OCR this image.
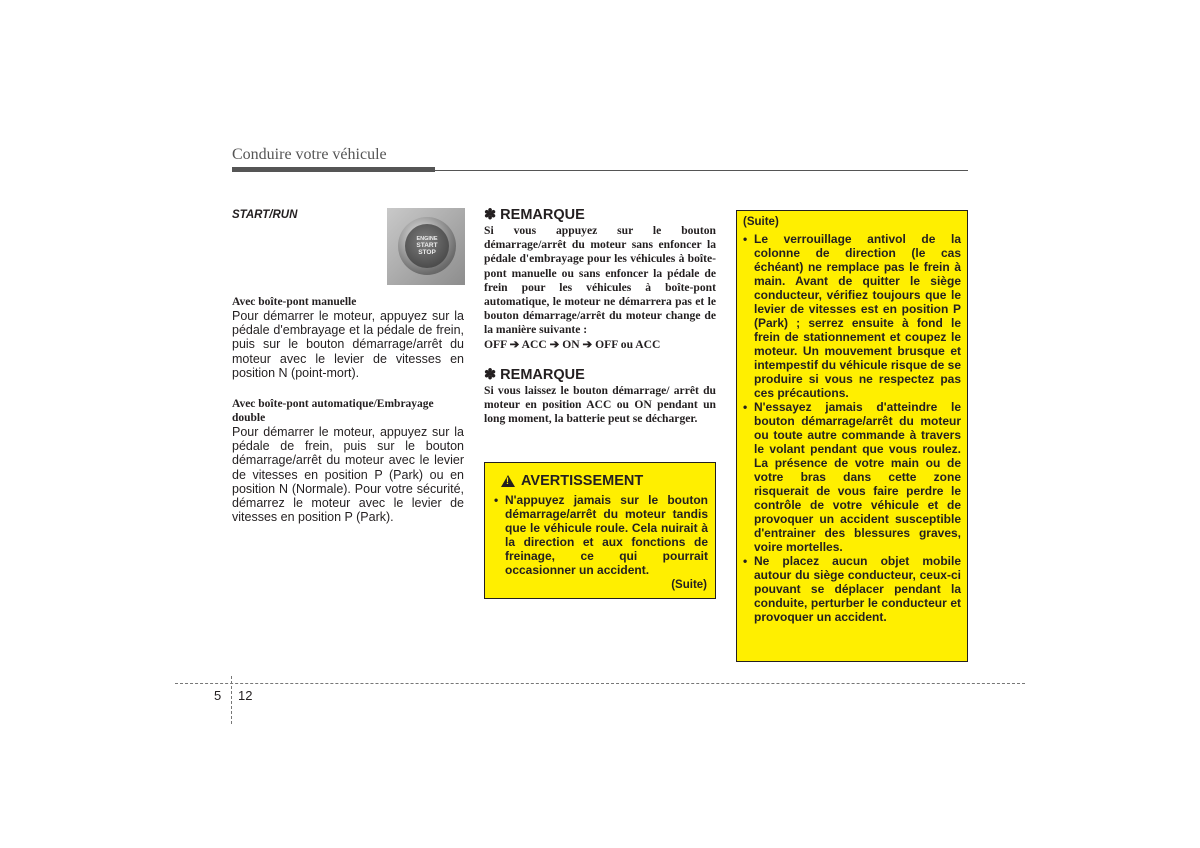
Conduire votre véhicule
START/RUN
ENGINE
START
STOP
Avec boîte-pont manuelle
Pour démarrer le moteur, appuyez sur la pédale d'embrayage et la pédale de frein, puis sur le bouton démarrage/arrêt du moteur avec le levier de vitesses en position N (point-mort).
Avec boîte-pont automatique/Embrayage double
Pour démarrer le moteur, appuyez sur la pédale de frein, puis sur le bouton démarrage/arrêt du moteur avec le levier de vitesses en position P (Park) ou en position N (Normale). Pour votre sécurité, démarrez le moteur avec le levier de vitesses en position P (Park).
✽ REMARQUE
Si vous appuyez sur le bouton démarrage/arrêt du moteur sans enfoncer la pédale d'embrayage pour les véhicules à boîte-pont manuelle ou sans enfoncer la pédale de frein pour les véhicules à boîte-pont automatique, le moteur ne démarrera pas et le bouton démarrage/arrêt du moteur change de la manière suivante :
OFF ➔ ACC ➔ ON ➔ OFF ou ACC
✽ REMARQUE
Si vous laissez le bouton démarrage/ arrêt du moteur en position ACC ou ON pendant un long moment, la batterie peut se décharger.
!
AVERTISSEMENT
• N'appuyez jamais sur le bouton démarrage/arrêt du moteur tandis que le véhicule roule. Cela nuirait à la direction et aux fonctions de freinage, ce qui pourrait occasionner un accident.
(Suite)
(Suite)
• Le verrouillage antivol de la colonne de direction (le cas échéant) ne remplace pas le frein à main. Avant de quitter le siège conducteur, vérifiez toujours que le levier de vitesses est en position P (Park) ; serrez ensuite à fond le frein de stationnement et coupez le moteur. Un mouvement brusque et intempestif du véhicule risque de se produire si vous ne respectez pas ces précautions.
• N'essayez jamais d'atteindre le bouton démarrage/arrêt du moteur ou toute autre commande à travers le volant pendant que vous roulez. La présence de votre main ou de votre bras dans cette zone risquerait de vous faire perdre le contrôle de votre véhicule et de provoquer un accident susceptible d'entrainer des blessures graves, voire mortelles.
• Ne placez aucun objet mobile autour du siège conducteur, ceux-ci pouvant se déplacer pendant la conduite, perturber le conducteur et provoquer un accident.
5 12
